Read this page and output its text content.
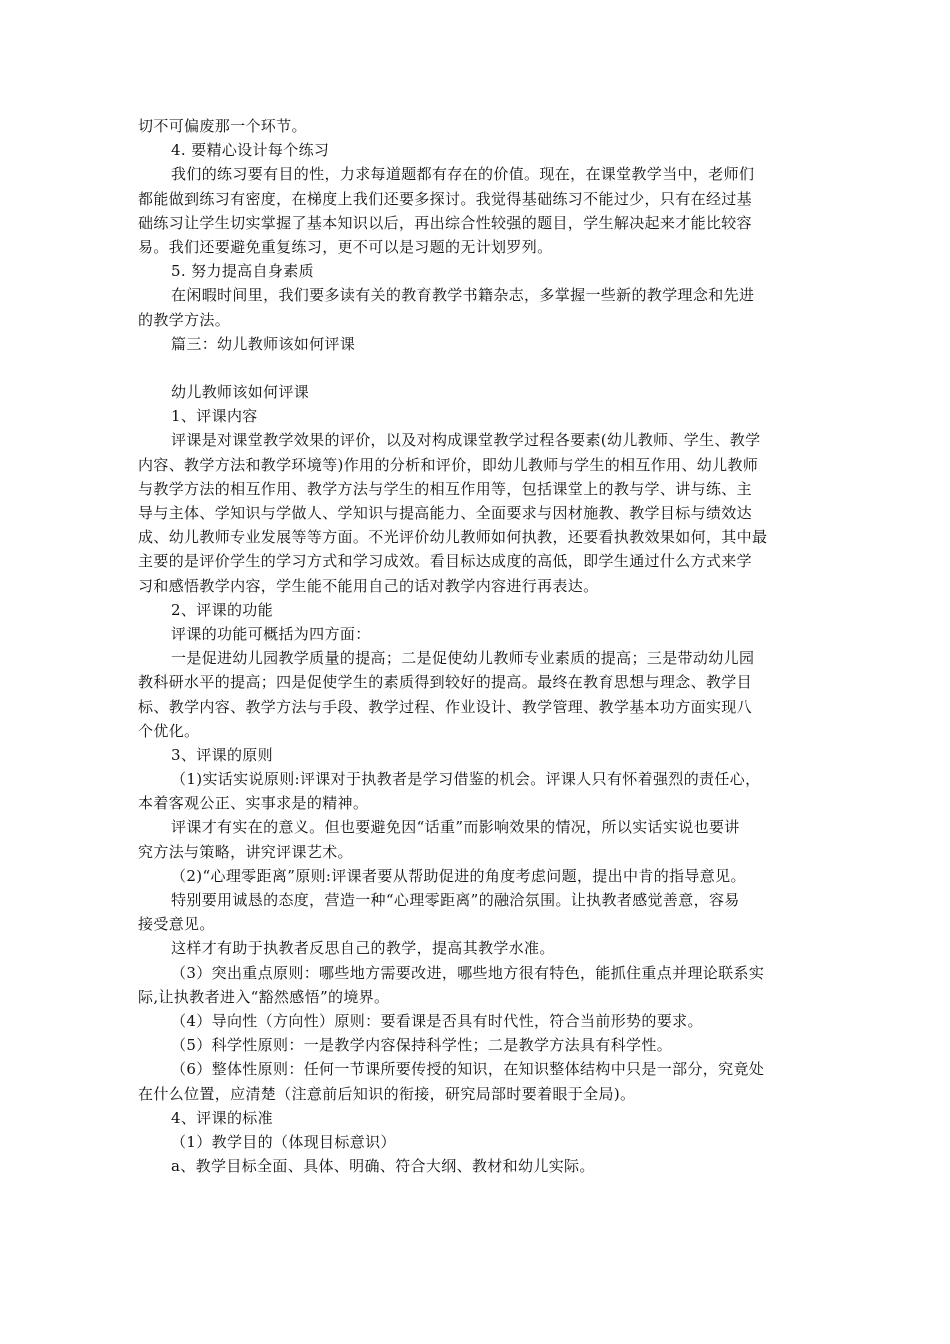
切不可偏废那一个环节。
4. 要精心设计每个练习
我们的练习要有目的性，力求每道题都有存在的价值。现在，在课堂教学当中，老师们
都能做到练习有密度，在梯度上我们还要多探讨。我觉得基础练习不能过少，只有在经过基
础练习让学生切实掌握了基本知识以后，再出综合性较强的题目，学生解决起来才能比较容
易。我们还要避免重复练习，更不可以是习题的无计划罗列。
5. 努力提高自身素质
在闲暇时间里，我们要多读有关的教育教学书籍杂志，多掌握一些新的教学理念和先进
的教学方法。
篇三：幼儿教师该如何评课
幼儿教师该如何评课
1、评课内容
评课是对课堂教学效果的评价，以及对构成课堂教学过程各要素(幼儿教师、学生、教学
内容、教学方法和教学环境等)作用的分析和评价，即幼儿教师与学生的相互作用、幼儿教师
与教学方法的相互作用、教学方法与学生的相互作用等，包括课堂上的教与学、讲与练、主
导与主体、学知识与学做人、学知识与提高能力、全面要求与因材施教、教学目标与绩效达
成、幼儿教师专业发展等等方面。不光评价幼儿教师如何执教，还要看执教效果如何，其中最
主要的是评价学生的学习方式和学习成效。看目标达成度的高低，即学生通过什么方式来学
习和感悟教学内容，学生能不能用自己的话对教学内容进行再表达。
2、评课的功能
评课的功能可概括为四方面：
一是促进幼儿园教学质量的提高；二是促使幼儿教师专业素质的提高；三是带动幼儿园
教科研水平的提高；四是促使学生的素质得到较好的提高。最终在教育思想与理念、教学目
标、教学内容、教学方法与手段、教学过程、作业设计、教学管理、教学基本功方面实现八
个优化。
3、评课的原则
（1)实话实说原则:评课对于执教者是学习借鉴的机会。评课人只有怀着强烈的责任心，
本着客观公正、实事求是的精神。
评课才有实在的意义。但也要避免因“话重”而影响效果的情况，所以实话实说也要讲
究方法与策略，讲究评课艺术。
（2)“心理零距离”原则:评课者要从帮助促进的角度考虑问题，提出中肯的指导意见。
特别要用诚恳的态度，营造一种“心理零距离”的融洽氛围。让执教者感觉善意，容易
接受意见。
这样才有助于执教者反思自己的教学，提高其教学水准。
（3）突出重点原则：哪些地方需要改进，哪些地方很有特色，能抓住重点并理论联系实
际,让执教者进入“豁然感悟”的境界。
（4）导向性（方向性）原则：要看课是否具有时代性，符合当前形势的要求。
（5）科学性原则：一是教学内容保持科学性；二是教学方法具有科学性。
（6）整体性原则：任何一节课所要传授的知识，在知识整体结构中只是一部分，究竟处
在什么位置，应清楚（注意前后知识的衔接，研究局部时要着眼于全局)。
4、评课的标准
（1）教学目的（体现目标意识）
a、教学目标全面、具体、明确、符合大纲、教材和幼儿实际。
